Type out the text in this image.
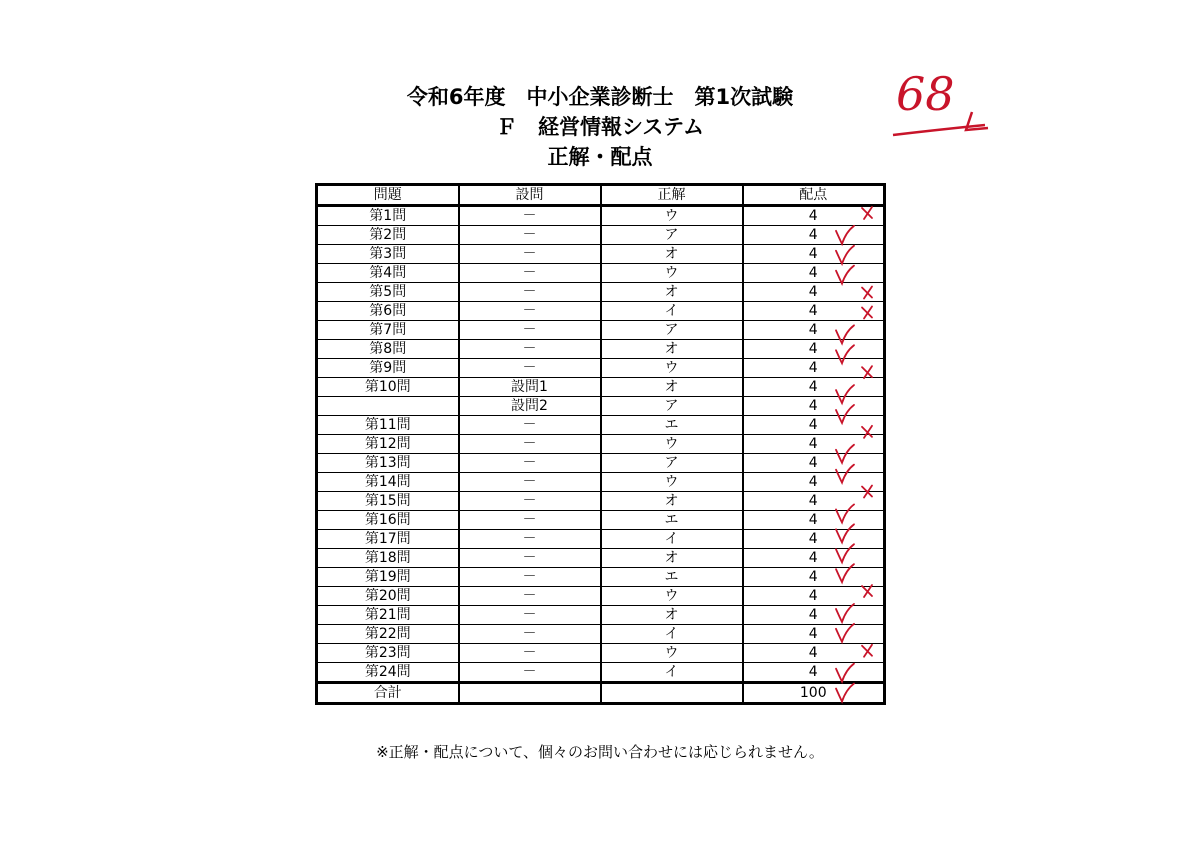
令和6年度　中小企業診断士　第1次試験
Ｆ　経営情報システム
正解・配点
問題	設問	正解	配点
第1問	－	ウ	4
第2問	－	ア	4
第3問	－	オ	4
第4問	－	ウ	4
第5問	－	オ	4
第6問	－	イ	4
第7問	－	ア	4
第8問	－	オ	4
第9問	－	ウ	4
第10問	設問1	オ	4
	設問2	ア	4
第11問	－	エ	4
第12問	－	ウ	4
第13問	－	ア	4
第14問	－	ウ	4
第15問	－	オ	4
第16問	－	エ	4
第17問	－	イ	4
第18問	－	オ	4
第19問	－	エ	4
第20問	－	ウ	4
第21問	－	オ	4
第22問	－	イ	4
第23問	－	ウ	4
第24問	－	イ	4
合計			100
※正解・配点について、個々のお問い合わせには応じられません。
68
